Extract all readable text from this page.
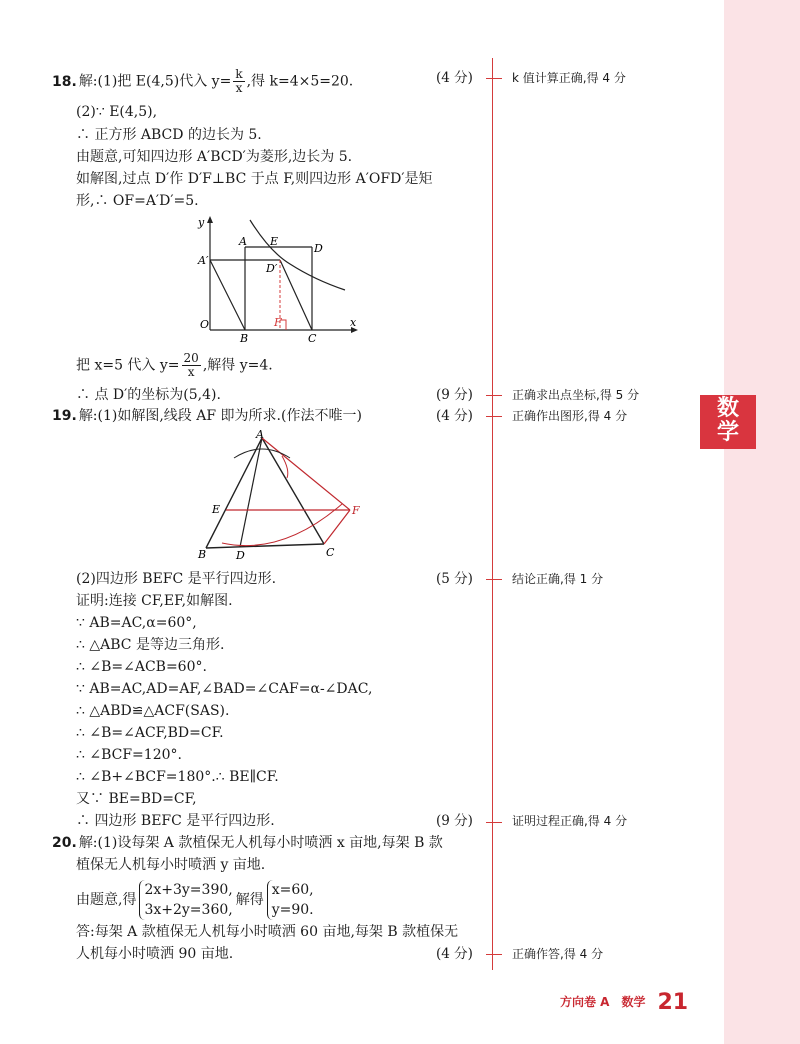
数
学
18. 解:(1)把 E(4,5)代入 $y= \frac{k}{x}$ ,得 k=4×5=20.	(4 分)	k 值计算正确,得 4 分
(2)∵ E(4,5),
∴ 正方形 ABCD 的边长为 5.
由题意,可知四边形 A′BCD′为菱形,边长为 5.
如解图,过点 D′作 D′F⊥BC 于点 F,则四边形 A′OFD′是矩
形,∴ OF=A′D′=5.
y
x
O
A E
D
A′
D′
B
F
C
把 x=5 代入 $y= \frac{20}{x}$ ,解得 y=4.
∴ 点 D′的坐标为(5,4).	(9 分)	正确求出点坐标,得 5 分
19. 解:(1)如解图,线段 AF 即为所求.(作法不唯一)	(4 分)	正确作出图形,得 4 分
A
E	F
B	D	C
(2)四边形 BEFC 是平行四边形.	(5 分)	结论正确,得 1 分
证明:连接 CF,EF,如解图.
∵ AB=AC,α=60°,
∴ △ABC 是等边三角形.
∴ ∠B=∠ACB=60°.
∵ AB=AC,AD=AF,∠BAD=∠CAF=α-∠DAC,
∴ △ABD≌△ACF(SAS).
∴ ∠B=∠ACF,BD=CF.
∴ ∠BCF=120°.
∴ ∠B+∠BCF=180°.∴ BE∥CF.
又∵ BE=BD=CF,
∴ 四边形 BEFC 是平行四边形.	(9 分)	证明过程正确,得 4 分
20. 解:(1)设每架 A 款植保无人机每小时喷洒 x 亩地,每架 B 款
植保无人机每小时喷洒 y 亩地.
由题意,得
2x+3y=390,
3x+2y=360,
解得
x=60,
y=90.
答:每架 A 款植保无人机每小时喷洒 60 亩地,每架 B 款植保无
人机每小时喷洒 90 亩地.	(4 分)	正确作答,得 4 分
方向卷 A 数学 21
